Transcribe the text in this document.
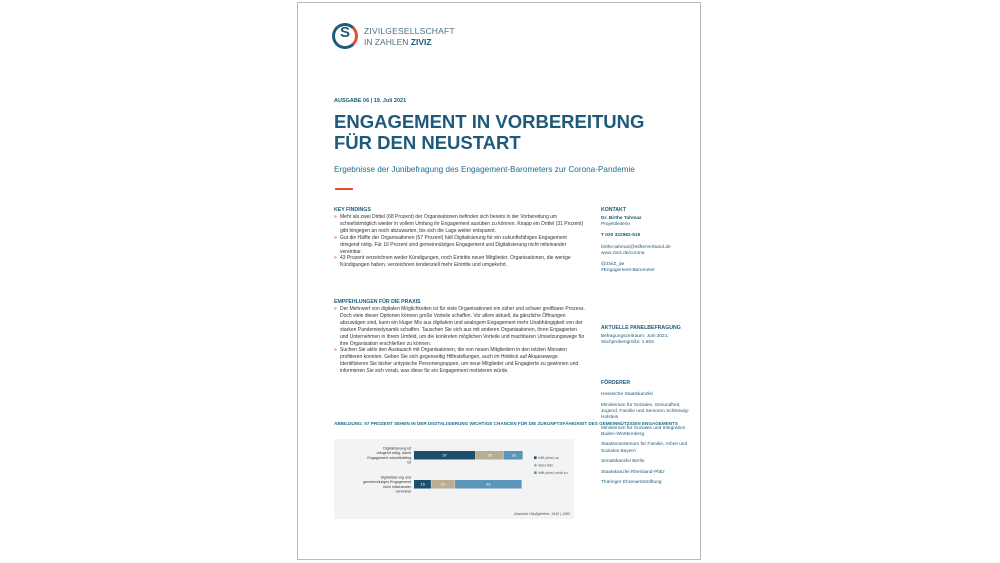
S	ZIVILGESELLSCHAFT
IN ZAHLEN ZIVIZ
AUSGABE 06 | 19. Juli 2021
ENGAGEMENT IN VORBEREITUNG FÜR DEN NEUSTART
Ergebnisse der Junibefragung des Engagement-Barometers zur Corona-Pandemie
KEY FINDINGS
» Mehr als zwei Drittel (68 Prozent) der Organisationen befinden sich bereits in der Vorbereitung um schnellstmöglich wieder in vollem Umfang ihr Engagement ausüben zu können. Knapp ein Drittel (31 Prozent) gibt hingegen an noch abzuwarten, bis sich die Lage weiter entspannt.
» Gut die Hälfte der Organisationen (57 Prozent) hält Digitalisierung für ein zukunftsfähiges Engagement dringend nötig. Für 16 Prozent sind gemeinnütziges Engagement und Digitalisierung nicht miteinander vereinbar.
» 43 Prozent verzeichnen weder Kündigungen, noch Eintritte neuer Mitglieder. Organisationen, die wenige Kündigungen haben, verzeichnen tendenziell mehr Eintritte und umgekehrt.
EMPFEHLUNGEN FÜR DIE PRAXIS
» Der Mehrwert von digitalen Möglichkeiten ist für viele Organisationen ein zäher und schwer greifbarer Prozess. Doch viele dieser Optionen können große Vorteile schaffen. Vor allem aktuell, da gänzliche Öffnungen abzuwägen sind, kann ein kluger Mix aus digitalem und analogem Engagement mehr Unabhängigkeit von der starken Pandemiedynamik schaffen. Tauschen Sie sich aus mit anderen Organisationen, ihren Engagierten und Unternehmen in ihrem Umfeld, um die konkreten möglichen Vorteile und machbaren Umsetzungswege für ihre Organisation erschließen zu können.
» Suchen Sie aktiv den Austausch mit Organisationen, die von neuen Mitgliedern in den letzten Monaten profitieren konnten. Geben Sie sich gegenseitig Hilfestellungen, auch im Hinblick auf Akquisewege. Identifizieren Sie bisher untypische Personengruppen, um neue Mitglieder und Engagierte zu gewinnen und informieren Sie sich vorab, was diese für ein Engagement motivieren würde.
ABBILDUNG: 57 PROZENT SEHEN IN DER DIGITALISIERUNG WICHTIGE CHANCEN FÜR DIE ZUKUNFTSFÄHIGKEIT DES GEMEINNÜTZIGEN ENGAGEMENTS
Digitalisierung ist dringend nötig, damit Engagement zukunftsfähig ist
Digitalisierung und gemeinnütziges Engagement nicht miteinander vereinbar
57	26	18
16	22	62
trifft (eher) zu
teils/ teils
trifft (eher) nicht zu
Absolute Häufigkeiten: 1645 | 1680
KONTAKT
Dr. Birthe Tahmaz
Projektleiterin
T 030 322982-519
birthe.tahmaz@stifterverband.de
www.ziviz.de/corona
@ZiviZ_de
#Engagement-Barometer
AKTUELLE PANELBEFRAGUNG
Befragungszeitraum: Juni 2021;
Stichprobengröße: 1.603
FÖRDERER
Hessische Staatskanzlei
Ministerium für Soziales, Gesundheit, Jugend, Familie und Senioren Schleswig-Holstein
Ministerium für Soziales und Integration Baden-Württemberg
Staatsministerium für Familie, Arbeit und Soziales Bayern
Senatskanzlei Berlin
Staatskanzlei Rheinland-Pfalz
Thüringer Ehrenamtsstiftung
